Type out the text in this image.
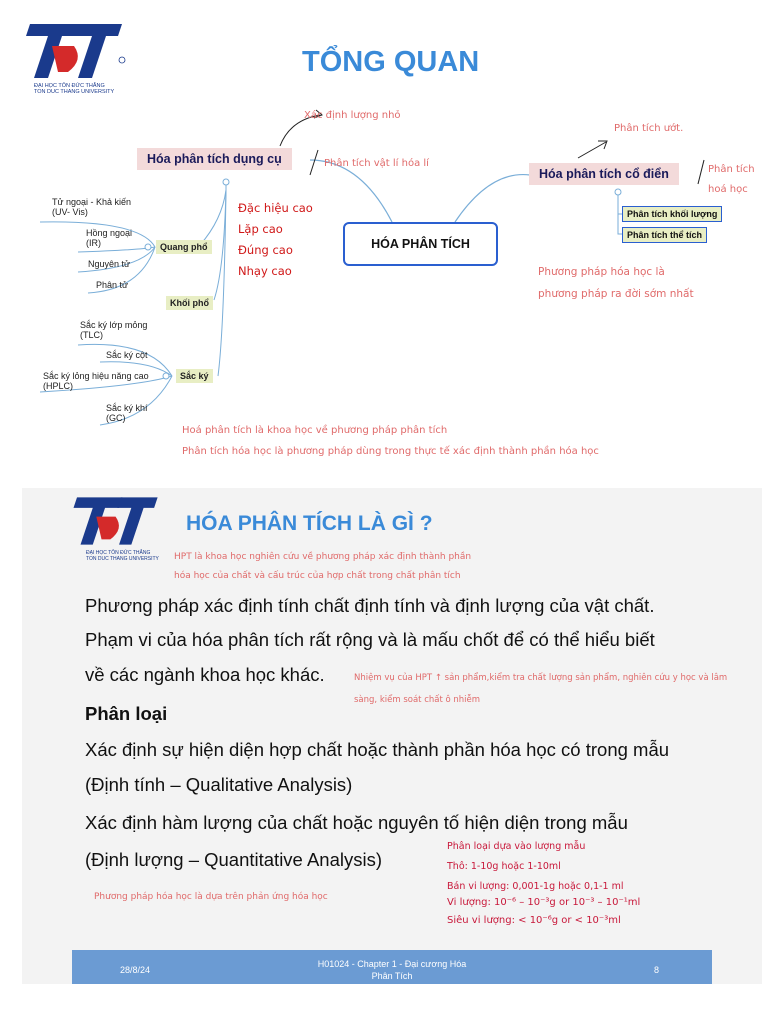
ĐẠI HỌC TÔN ĐỨC THẮNG
TON DUC THANG UNIVERSITY
TỔNG QUAN
Hóa phân tích dụng cụ
Xác định lượng nhỏ
Phân tích vật lí hóa lí
Đặc hiệu cao
Lặp cao
Đúng cao
Nhạy cao
Quang phổ
Khối phổ
Sắc ký
Tử ngoại - Khả kiến (UV- Vis)
Hồng ngoại (IR)
Nguyên tử
Phân tử
Sắc ký lớp mỏng (TLC)
Sắc ký cột
Sắc ký lỏng hiệu năng cao (HPLC)
Sắc ký khí (GC)
HÓA PHÂN TÍCH
Hóa phân tích cổ điển
Phân tích ướt.
Phân tích hoá học
Phân tích khối lượng
Phân tích thể tích
Phương pháp hóa học là
phương pháp ra đời sớm nhất
Hoá phân tích là khoa học về phương pháp phân tích
Phân tích hóa học là phương pháp dùng trong thực tế xác định thành phần hóa học
ĐẠI HỌC TÔN ĐỨC THẮNG
TON DUC THANG UNIVERSITY
HÓA PHÂN TÍCH LÀ GÌ ?
HPT là khoa học nghiên cứu về phương pháp xác định thành phần
hóa học của chất và cấu trúc của hợp chất trong chất phân tích
Phương pháp xác định tính chất định tính và định lượng của vật chất.
Phạm vi của hóa phân tích rất rộng và là mấu chốt để có thể hiểu biết
về các ngành khoa học khác.	Nhiệm vụ của HPT ↑ sản phẩm,kiểm tra chất lượng sản phẩm, nghiên cứu y học và lâm
sàng, kiểm soát chất ô nhiễm
Phân loại
Xác định sự hiện diện hợp chất hoặc thành phần hóa học có trong mẫu
(Định tính – Qualitative Analysis)
Xác định hàm lượng của chất hoặc nguyên tố hiện diện trong mẫu
(Định lượng – Quantitative Analysis)
Phương pháp hóa học là dựa trên phản ứng hóa học
Phân loại dựa vào lượng mẫu
Thô: 1-10g hoặc 1-10ml
Bán vi lượng: 0,001-1g hoặc 0,1-1 ml
Vi lượng: 10⁻⁶ – 10⁻³g or 10⁻³ – 10⁻¹ml
Siêu vi lượng: < 10⁻⁶g or < 10⁻³ml
28/8/24
H01024 - Chapter 1 - Đại cương Hóa
Phân Tích
8
